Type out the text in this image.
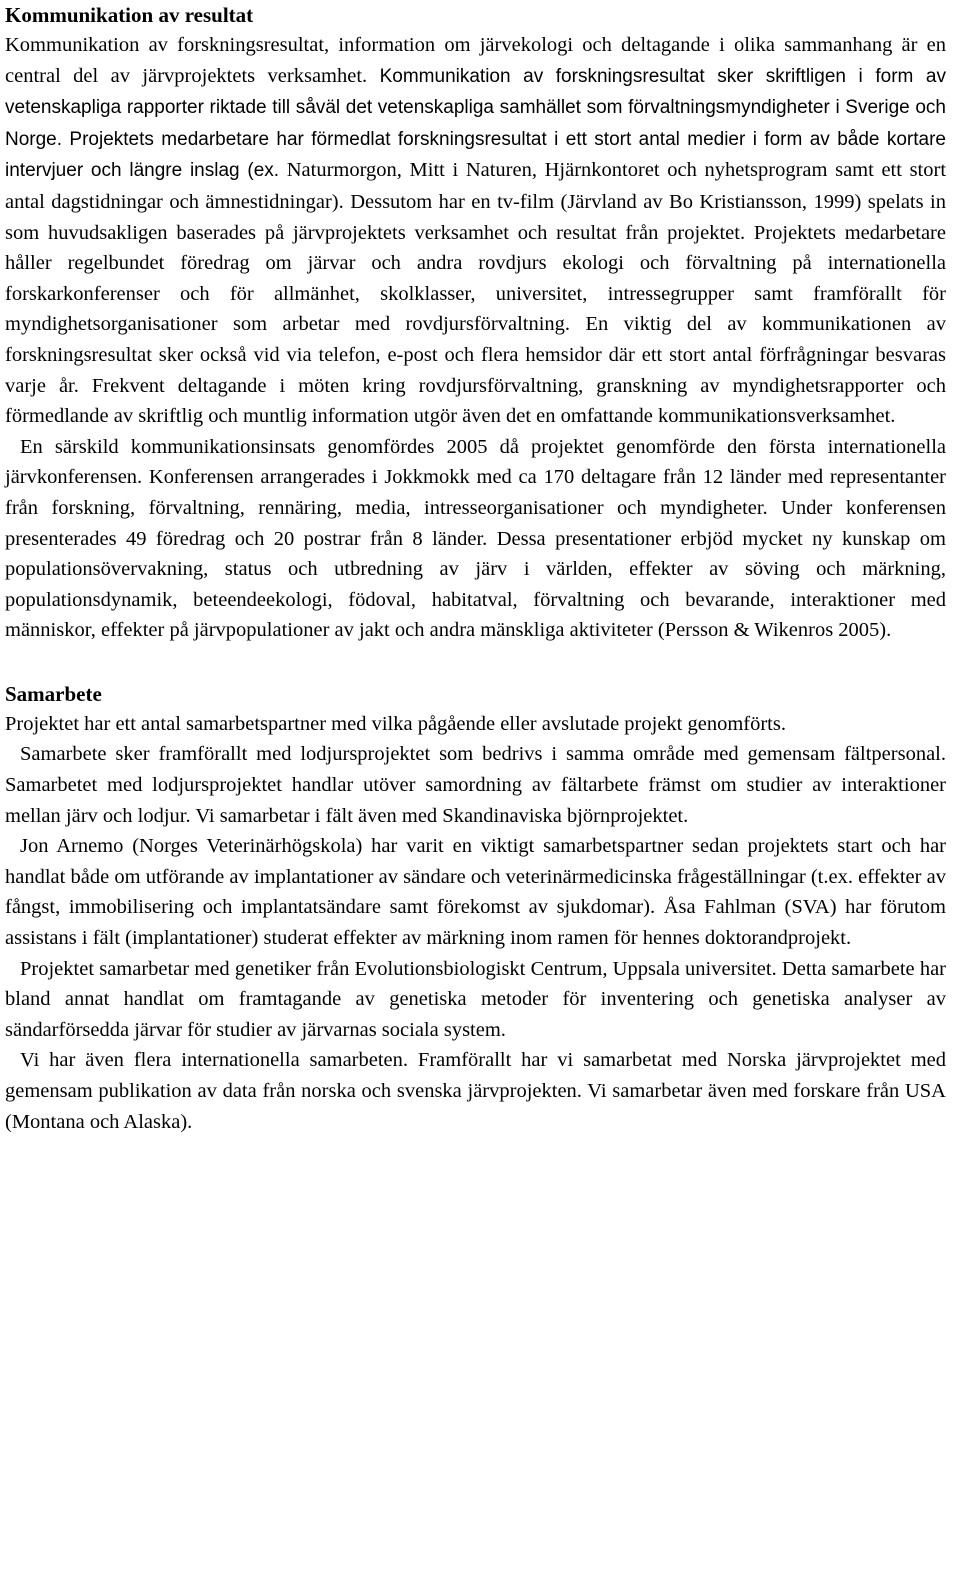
Kommunikation av resultat

Kommunikation av forskningsresultat, information om järvekologi och deltagande i olika sammanhang är en central del av järvprojektets verksamhet. Kommunikation av forskningsresultat sker skriftligen i form av vetenskapliga rapporter riktade till såväl det vetenskapliga samhället som förvaltningsmyndigheter i Sverige och Norge. Projektets medarbetare har förmedlat forskningsresultat i ett stort antal medier i form av både kortare intervjuer och längre inslag (ex. Naturmorgon, Mitt i Naturen, Hjärnkontoret och nyhetsprogram samt ett stort antal dagstidningar och ämnestidningar). Dessutom har en tv-film (Järvland av Bo Kristiansson, 1999) spelats in som huvudsakligen baserades på järvprojektets verksamhet och resultat från projektet. Projektets medarbetare håller regelbundet föredrag om järvar och andra rovdjurs ekologi och förvaltning på internationella forskarkonferenser och för allmänhet, skolklasser, universitet, intressegrupper samt framförallt för myndighetsorganisationer som arbetar med rovdjursförvaltning. En viktig del av kommunikationen av forskningsresultat sker också vid via telefon, e-post och flera hemsidor där ett stort antal förfrågningar besvaras varje år. Frekvent deltagande i möten kring rovdjursförvaltning, granskning av myndighetsrapporter och förmedlande av skriftlig och muntlig information utgör även det en omfattande kommunikationsverksamhet.

En särskild kommunikationsinsats genomfördes 2005 då projektet genomförde den första internationella järvkonferensen. Konferensen arrangerades i Jokkmokk med ca 170 deltagare från 12 länder med representanter från forskning, förvaltning, rennäring, media, intresseorganisationer och myndigheter. Under konferensen presenterades 49 föredrag och 20 postrar från 8 länder. Dessa presentationer erbjöd mycket ny kunskap om populationsövervakning, status och utbredning av järv i världen, effekter av söving och märkning, populationsdynamik, beteendeekologi, födoval, habitatval, förvaltning och bevarande, interaktioner med människor, effekter på järvpopulationer av jakt och andra mänskliga aktiviteter (Persson & Wikenros 2005).

Samarbete

Projektet har ett antal samarbetspartner med vilka pågående eller avslutade projekt genomförts.

Samarbete sker framförallt med lodjursprojektet som bedrivs i samma område med gemensam fältpersonal. Samarbetet med lodjursprojektet handlar utöver samordning av fältarbete främst om studier av interaktioner mellan järv och lodjur. Vi samarbetar i fält även med Skandinaviska björnprojektet.

Jon Arnemo (Norges Veterinärhögskola) har varit en viktigt samarbetspartner sedan projektets start och har handlat både om utförande av implantationer av sändare och veterinärmedicinska frågeställningar (t.ex. effekter av fångst, immobilisering och implantatsändare samt förekomst av sjukdomar). Åsa Fahlman (SVA) har förutom assistans i fält (implantationer) studerat effekter av märkning inom ramen för hennes doktorandprojekt.

Projektet samarbetar med genetiker från Evolutionsbiologiskt Centrum, Uppsala universitet. Detta samarbete har bland annat handlat om framtagande av genetiska metoder för inventering och genetiska analyser av sändarförsedda järvar för studier av järvarnas sociala system.

Vi har även flera internationella samarbeten. Framförallt har vi samarbetat med Norska järvprojektet med gemensam publikation av data från norska och svenska järvprojekten. Vi samarbetar även med forskare från USA (Montana och Alaska).
